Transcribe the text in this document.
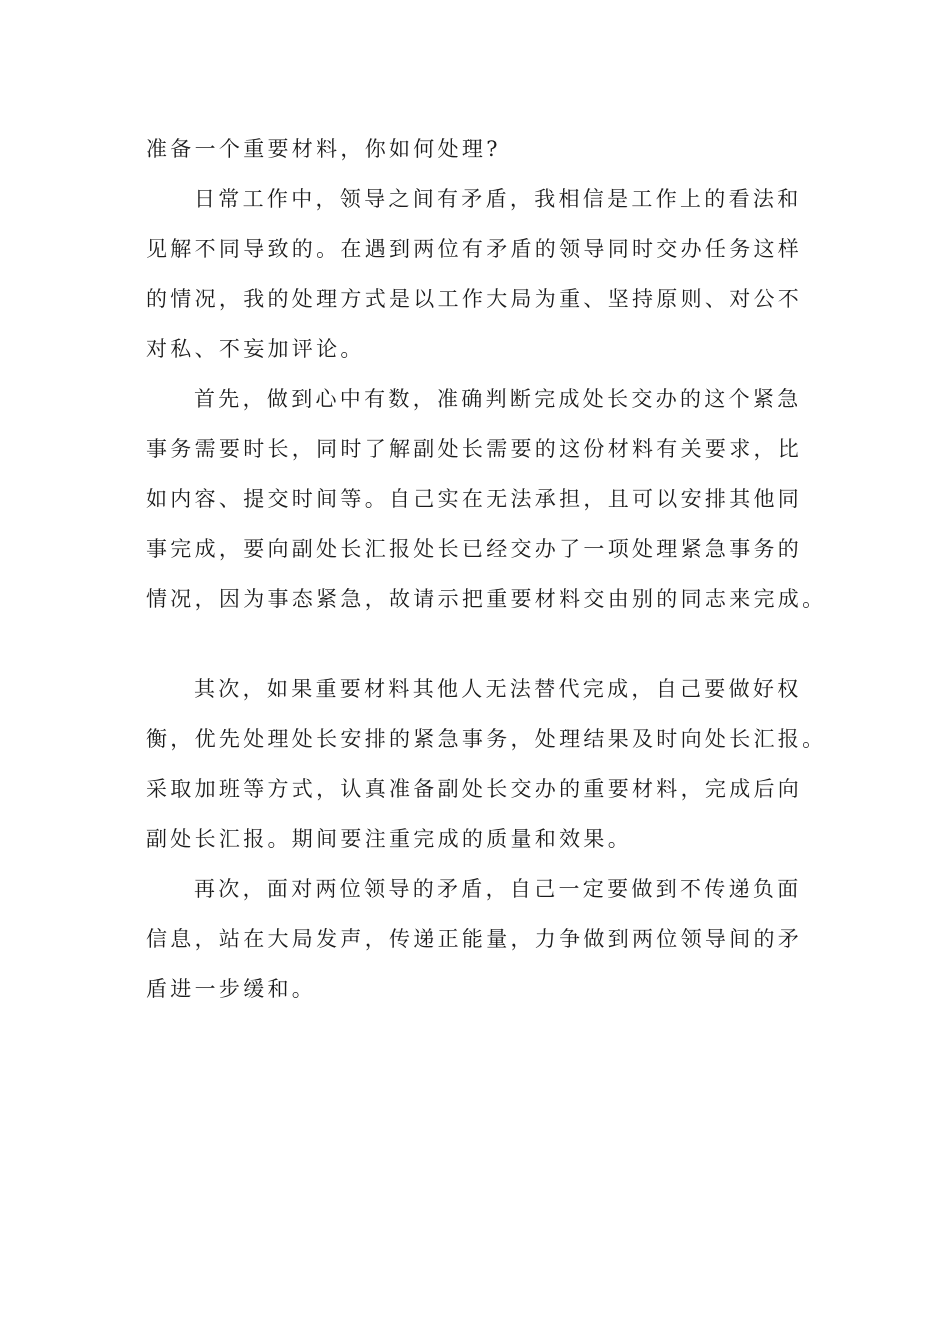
准备一个重要材料，你如何处理?
日常工作中，领导之间有矛盾，我相信是工作上的看法和
见解不同导致的。在遇到两位有矛盾的领导同时交办任务这样
的情况，我的处理方式是以工作大局为重、坚持原则、对公不
对私、不妄加评论。
首先，做到心中有数，准确判断完成处长交办的这个紧急
事务需要时长，同时了解副处长需要的这份材料有关要求，比
如内容、提交时间等。自己实在无法承担，且可以安排其他同
事完成，要向副处长汇报处长已经交办了一项处理紧急事务的
情况，因为事态紧急，故请示把重要材料交由别的同志来完成。
其次，如果重要材料其他人无法替代完成，自己要做好权
衡，优先处理处长安排的紧急事务，处理结果及时向处长汇报。
采取加班等方式，认真准备副处长交办的重要材料，完成后向
副处长汇报。期间要注重完成的质量和效果。
再次，面对两位领导的矛盾，自己一定要做到不传递负面
信息，站在大局发声，传递正能量，力争做到两位领导间的矛
盾进一步缓和。
